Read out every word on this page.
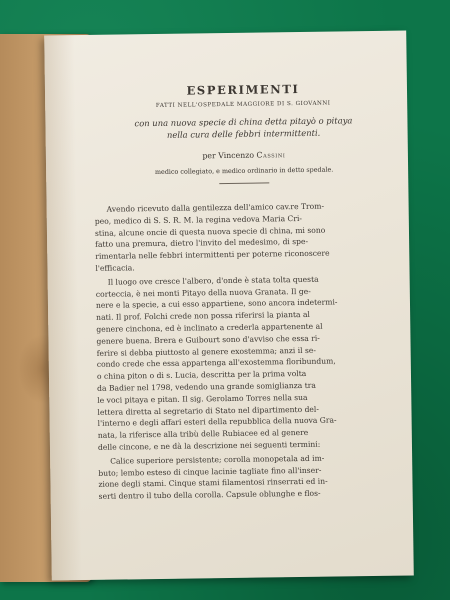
ESPERIMENTI
FATTI NELL'OSPEDALE MAGGIORE DI S. GIOVANNI
con una nuova specie di china detta pitayò o pitaya
nella cura delle febbri intermittenti.
per Vincenzo Cassini
medico collegiato, e medico ordinario in detto spedale.

Avendo ricevuto dalla gentilezza dell'amico cav.re Trom-
peo, medico di S. S. R. M. la regina vedova Maria Cri-
stina, alcune oncie di questa nuova specie di china, mi sono
fatto una premura, dietro l'invito del medesimo, di spe-
rimentarla nelle febbri intermittenti per poterne riconoscere
l'efficacia.

Il luogo ove cresce l'albero, d'onde è stata tolta questa
corteccia, è nei monti Pitayo della nuova Granata. Il ge-
nere e la specie, a cui esso appartiene, sono ancora indetermi-
nati. Il prof. Folchi crede non possa riferirsi la pianta al
genere cinchona, ed è inclinato a crederla appartenente al
genere buena. Brera e Guibourt sono d'avviso che essa ri-
ferire si debba piuttosto al genere exostemma; anzi il se-
condo crede che essa appartenga all'exostemma floribundum,
o china piton o di s. Lucia, descritta per la prima volta
da Badier nel 1798, vedendo una grande somiglianza tra
le voci pitaya e pitan. Il sig. Gerolamo Torres nella sua
lettera diretta al segretario di Stato nel dipartimento del-
l'interno e degli affari esteri della repubblica della nuova Gra-
nata, la riferisce alla tribù delle Rubiacee ed al genere
delle cincone, e ne dà la descrizione nei seguenti termini:

Calice superiore persistente; corolla monopetala ad im-
buto; lembo esteso di cinque lacinie tagliate fino all'inser-
zione degli stami. Cinque stami filamentosi rinserrati ed in-
serti dentro il tubo della corolla. Capsule oblunghe e flos-
